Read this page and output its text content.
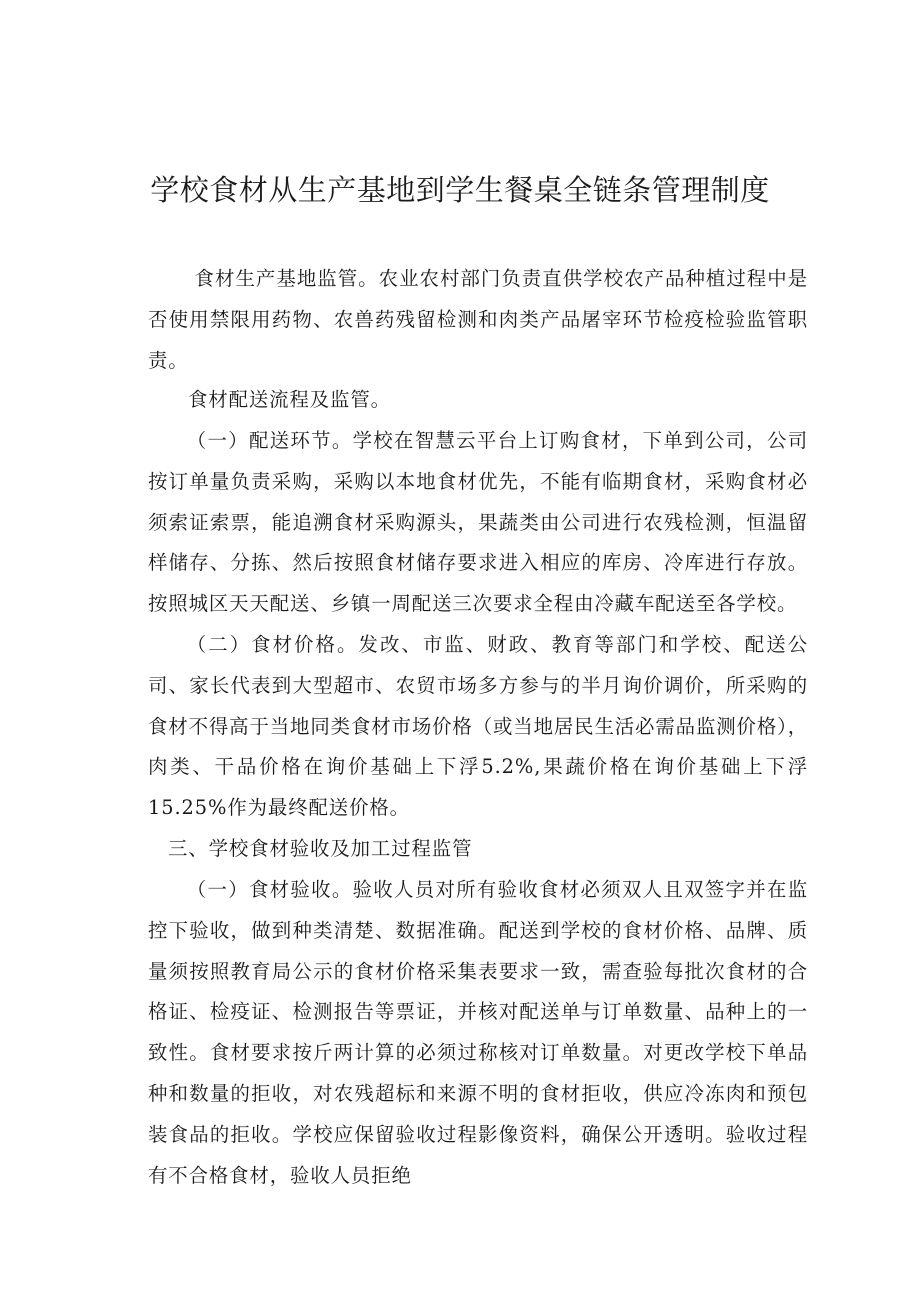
学校食材从生产基地到学生餐桌全链条管理制度

食材生产基地监管。农业农村部门负责直供学校农产品种植过程中是否使用禁限用药物、农兽药残留检测和肉类产品屠宰环节检疫检验监管职责。

食材配送流程及监管。

（一）配送环节。学校在智慧云平台上订购食材，下单到公司，公司按订单量负责采购，采购以本地食材优先，不能有临期食材，采购食材必须索证索票，能追溯食材采购源头，果蔬类由公司进行农残检测，恒温留样储存、分拣、然后按照食材储存要求进入相应的库房、冷库进行存放。按照城区天天配送、乡镇一周配送三次要求全程由冷藏车配送至各学校。

（二）食材价格。发改、市监、财政、教育等部门和学校、配送公司、家长代表到大型超市、农贸市场多方参与的半月询价调价，所采购的食材不得高于当地同类食材市场价格（或当地居民生活必需品监测价格），肉类、干品价格在询价基础上下浮5.2%,果蔬价格在询价基础上下浮15.25%作为最终配送价格。

三、学校食材验收及加工过程监管

（一）食材验收。验收人员对所有验收食材必须双人且双签字并在监控下验收，做到种类清楚、数据准确。配送到学校的食材价格、品牌、质量须按照教育局公示的食材价格采集表要求一致，需查验每批次食材的合格证、检疫证、检测报告等票证，并核对配送单与订单数量、品种上的一致性。食材要求按斤两计算的必须过称核对订单数量。对更改学校下单品种和数量的拒收，对农残超标和来源不明的食材拒收，供应冷冻肉和预包装食品的拒收。学校应保留验收过程影像资料，确保公开透明。验收过程有不合格食材，验收人员拒绝
